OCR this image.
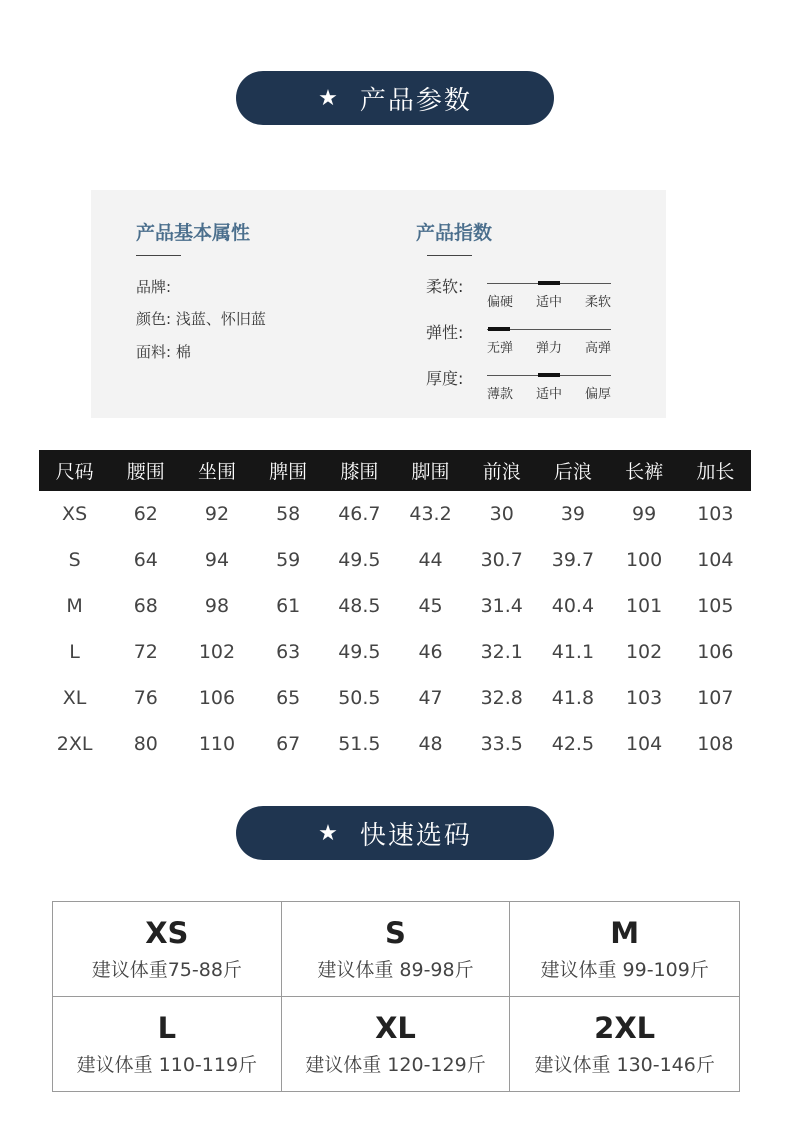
★ 产品参数
产品基本属性
品牌:
颜色: 浅蓝、怀旧蓝
面料: 棉
产品指数
柔软:
偏硬 适中 柔软
弹性:
无弹 弹力 高弹
厚度:
薄款 适中 偏厚
尺码	腰围	坐围	脾围	膝围	脚围	前浪	后浪	长裤	加长
XS	62	92	58	46.7	43.2	30	39	99	103
S	64	94	59	49.5	44	30.7	39.7	100	104
M	68	98	61	48.5	45	31.4	40.4	101	105
L	72	102	63	49.5	46	32.1	41.1	102	106
XL	76	106	65	50.5	47	32.8	41.8	103	107
2XL	80	110	67	51.5	48	33.5	42.5	104	108
★ 快速选码
XS
建议体重75-88斤
S
建议体重 89-98斤
M
建议体重 99-109斤
L
建议体重 110-119斤
XL
建议体重 120-129斤
2XL
建议体重 130-146斤
